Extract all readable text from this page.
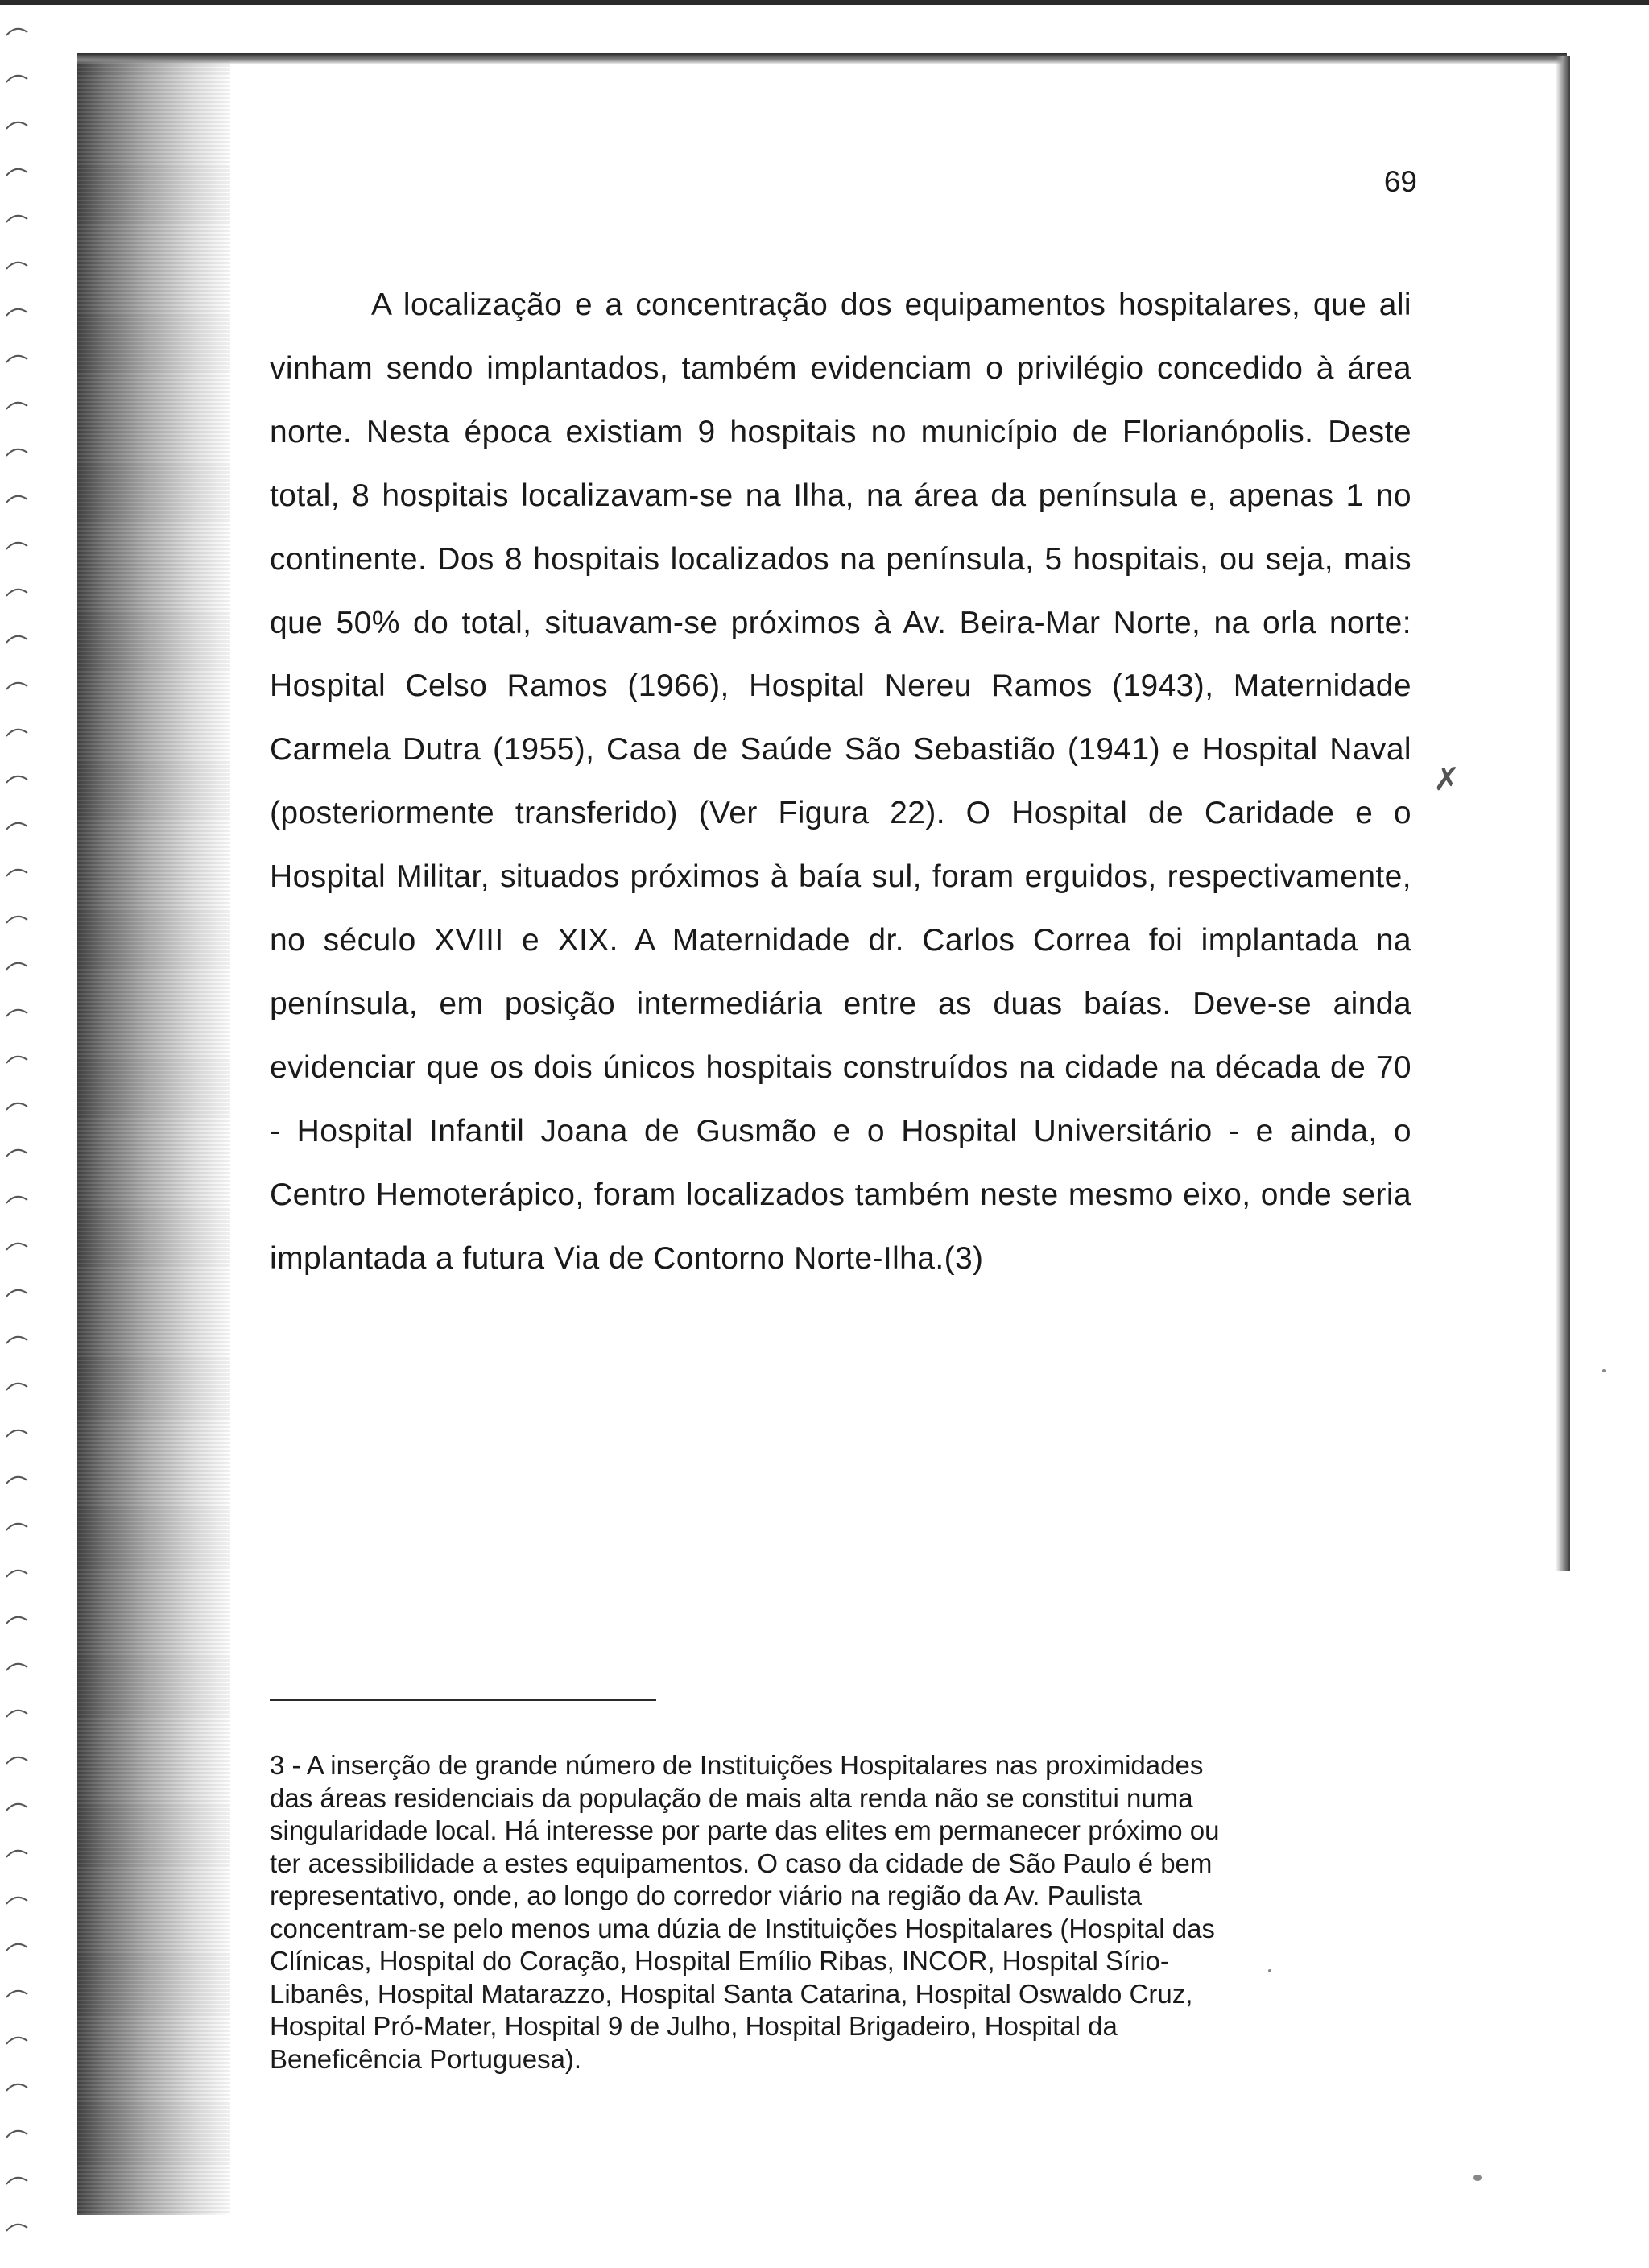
69

A localização e a concentração dos equipamentos hospitalares, que ali vinham sendo implantados, também evidenciam o privilégio concedido à área norte. Nesta época existiam 9 hospitais no município de Florianópolis. Deste total, 8 hospitais localizavam-se na Ilha, na área da península e, apenas 1 no continente. Dos 8 hospitais localizados na península, 5 hospitais, ou seja, mais que 50% do total, situavam-se próximos à Av. Beira-Mar Norte, na orla norte: Hospital Celso Ramos (1966), Hospital Nereu Ramos (1943), Maternidade Carmela Dutra (1955), Casa de Saúde São Sebastião (1941) e Hospital Naval (posteriormente transferido) (Ver Figura 22). O Hospital de Caridade e o Hospital Militar, situados próximos à baía sul, foram erguidos, respectivamente, no século XVIII e XIX. A Maternidade dr. Carlos Correa foi implantada na península, em posição intermediária entre as duas baías. Deve-se ainda evidenciar que os dois únicos hospitais construídos na cidade na década de 70 - Hospital Infantil Joana de Gusmão e o Hospital Universitário - e ainda, o Centro Hemoterápico, foram localizados também neste mesmo eixo, onde seria implantada a futura Via de Contorno Norte-Ilha.(3)

✗

3 - A inserção de grande número de Instituições Hospitalares nas proximidades das áreas residenciais da população de mais alta renda não se constitui numa singularidade local. Há interesse por parte das elites em permanecer próximo ou ter acessibilidade a estes equipamentos. O caso da cidade de São Paulo é bem representativo, onde, ao longo do corredor viário na região da Av. Paulista concentram-se pelo menos uma dúzia de Instituições Hospitalares (Hospital das Clínicas, Hospital do Coração, Hospital Emílio Ribas, INCOR, Hospital Sírio-Libanês, Hospital Matarazzo, Hospital Santa Catarina, Hospital Oswaldo Cruz, Hospital Pró-Mater, Hospital 9 de Julho, Hospital Brigadeiro, Hospital da Beneficência Portuguesa).
